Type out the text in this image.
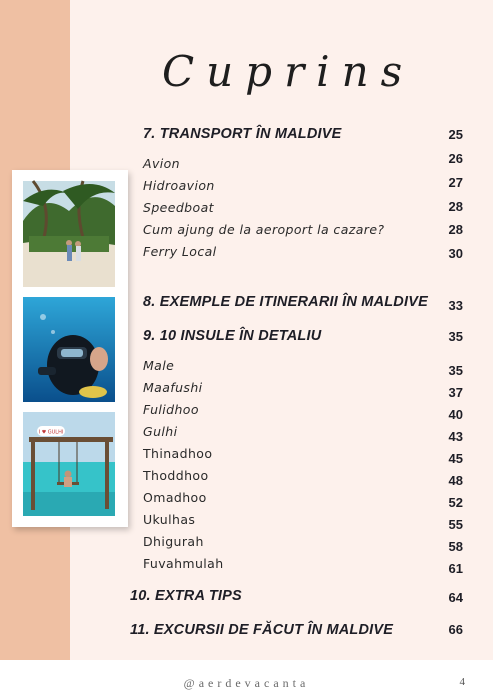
I ♥ GULHI
Cuprins
7. TRANSPORT ÎN MALDIVE	25
Avion	26
Hidroavion	27
Speedboat	28
Cum ajung de la aeroport la cazare?	28
Ferry Local	30
8. EXEMPLE DE ITINERARII ÎN MALDIVE 33
9. 10 INSULE ÎN DETALIU	35
Male	35
Maafushi	37
Fulidhoo	40
Gulhi	43
Thinadhoo	45
Thoddhoo	48
Omadhoo	52
Ukulhas	55
Dhigurah	58
Fuvahmulah	61
10. EXTRA TIPS	64
11. EXCURSII DE FĂCUT ÎN MALDIVE	66
@aerdevacanta	4
